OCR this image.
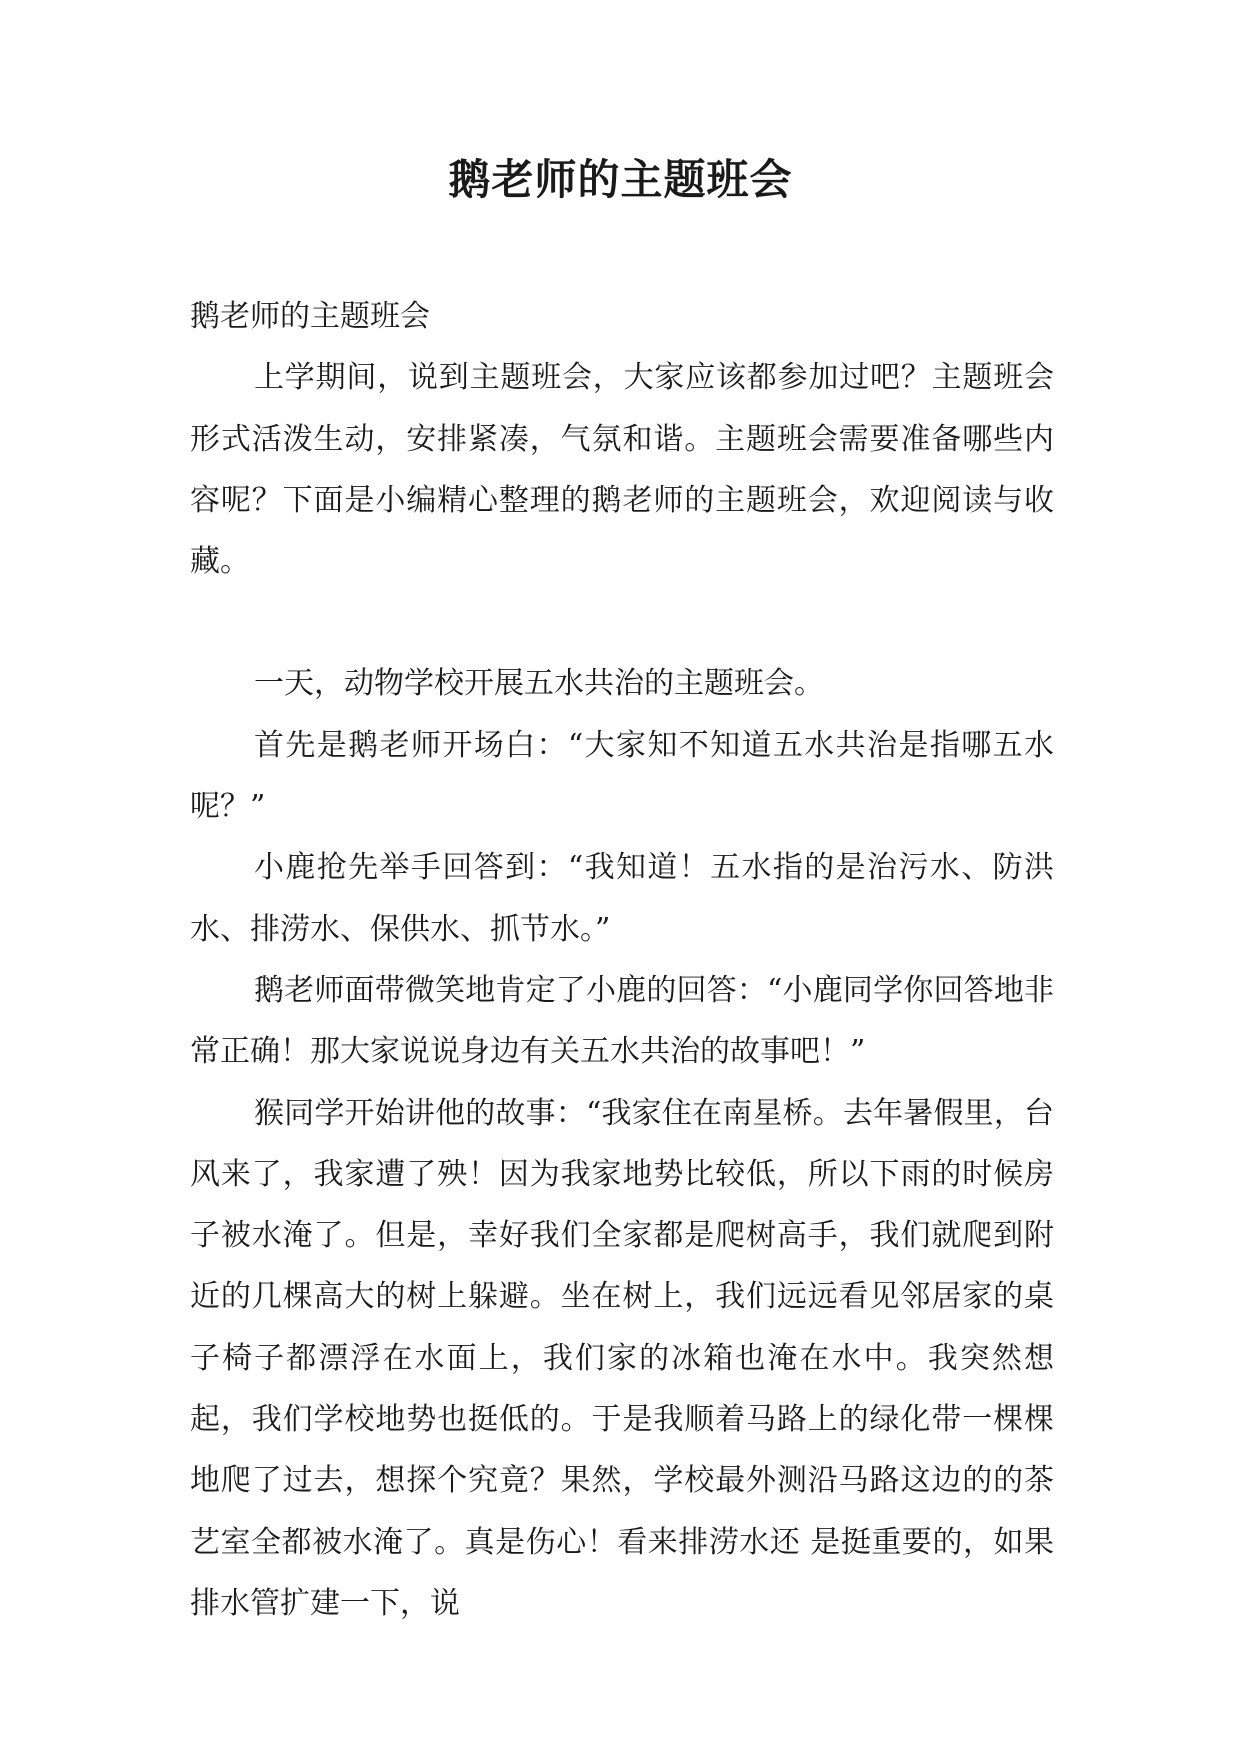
鹅老师的主题班会

鹅老师的主题班会

上学期间，说到主题班会，大家应该都参加过吧？主题班会形式活泼生动，安排紧凑，气氛和谐。主题班会需要准备哪些内容呢？下面是小编精心整理的鹅老师的主题班会，欢迎阅读与收藏。

一天，动物学校开展五水共治的主题班会。

首先是鹅老师开场白：“大家知不知道五水共治是指哪五水呢？”

小鹿抢先举手回答到：“我知道！五水指的是治污水、防洪水、排涝水、保供水、抓节水。”

鹅老师面带微笑地肯定了小鹿的回答：“小鹿同学你回答地非常正确！那大家说说身边有关五水共治的故事吧！”

猴同学开始讲他的故事：“我家住在南星桥。去年暑假里，台风来了，我家遭了殃！因为我家地势比较低，所以下雨的时候房子被水淹了。但是，幸好我们全家都是爬树高手，我们就爬到附近的几棵高大的树上躲避。坐在树上，我们远远看见邻居家的桌子椅子都漂浮在水面上，我们家的冰箱也淹在水中。我突然想起，我们学校地势也挺低的。于是我顺着马路上的绿化带一棵棵地爬了过去，想探个究竟？果然，学校最外测沿马路这边的的茶艺室全都被水淹了。真是伤心！看来排涝水还 是挺重要的，如果排水管扩建一下，说
